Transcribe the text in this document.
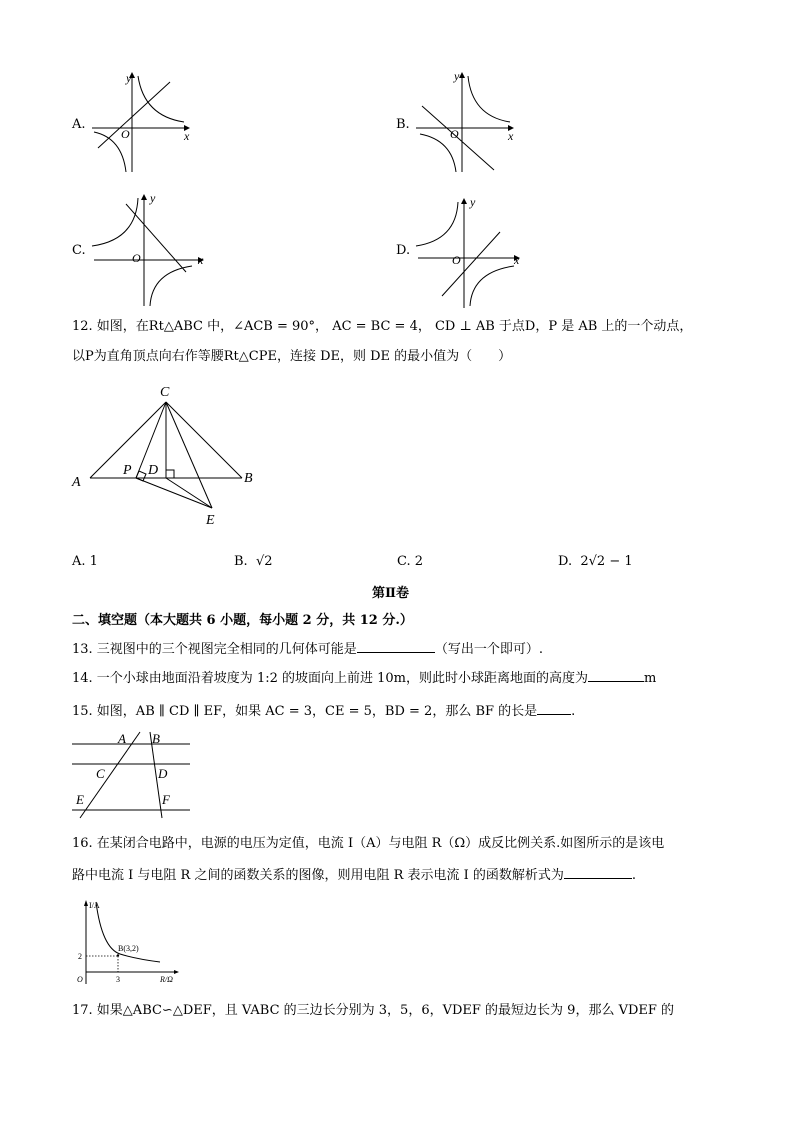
A.
x
y
O
B.
x
y
O
C.
x
y
O	D.
x
y
O
12. 如图，在Rt△ABC 中，∠ACB = 90°， AC = BC = 4， CD ⊥ AB 于点D，P 是 AB 上的一个动点，
以P为直角顶点向右作等腰Rt△CPE，连接 DE，则 DE 的最小值为（　　）
C
A	B
P D
E
A. 1	B. √2	C. 2	D. 2√2 − 1
第Ⅱ卷
二、填空题（本大题共 6 小题，每小题 2 分，共 12 分.）
13. 三视图中的三个视图完全相同的几何体可能是	（写出一个即可）.
14. 一个小球由地面沿着坡度为 1:2 的坡面向上前进 10m，则此时小球距离地面的高度为	m
15. 如图，AB ∥ CD ∥ EF，如果 AC = 3，CE = 5，BD = 2，那么 BF 的长是	.
A B
C	D
E	F
16. 在某闭合电路中，电源的电压为定值，电流 I（A）与电阻 R（Ω）成反比例关系.如图所示的是该电
路中电流 I 与电阻 R 之间的函数关系的图像，则用电阻 R 表示电流 I 的函数解析式为	.
I/A
R/Ω
O
2
3
B(3,2)
17. 如果△ABC∽△DEF，且 VABC 的三边长分别为 3，5，6，VDEF 的最短边长为 9，那么 VDEF 的
